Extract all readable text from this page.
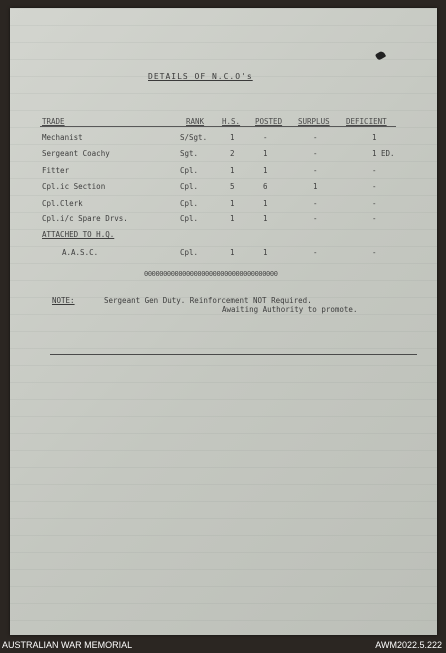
DETAILS OF N.C.O's
TRADE	RANK H.S. POSTED SURPLUS DEFICIENT
Mechanist	S/Sgt.	1	-	-	1
Sergeant Coachy	Sgt.	2	1	-	1 ED.
Fitter	Cpl.	1	1	-	-
Cpl.ic Section	Cpl.	5	6	1	-
Cpl.Clerk	Cpl.	1	1	-	-
Cpl.i/c Spare Drvs.	Cpl.	1	1	-	-
ATTACHED TO H.Q.
A.A.S.C.	Cpl.	1	1	-	-
00000000000000000000000000000000000
NOTE:	Sergeant Gen Duty. Reinforcement NOT Required.
Awaiting Authority to promote.
AUSTRALIAN WAR MEMORIAL	AWM2022.5.222
